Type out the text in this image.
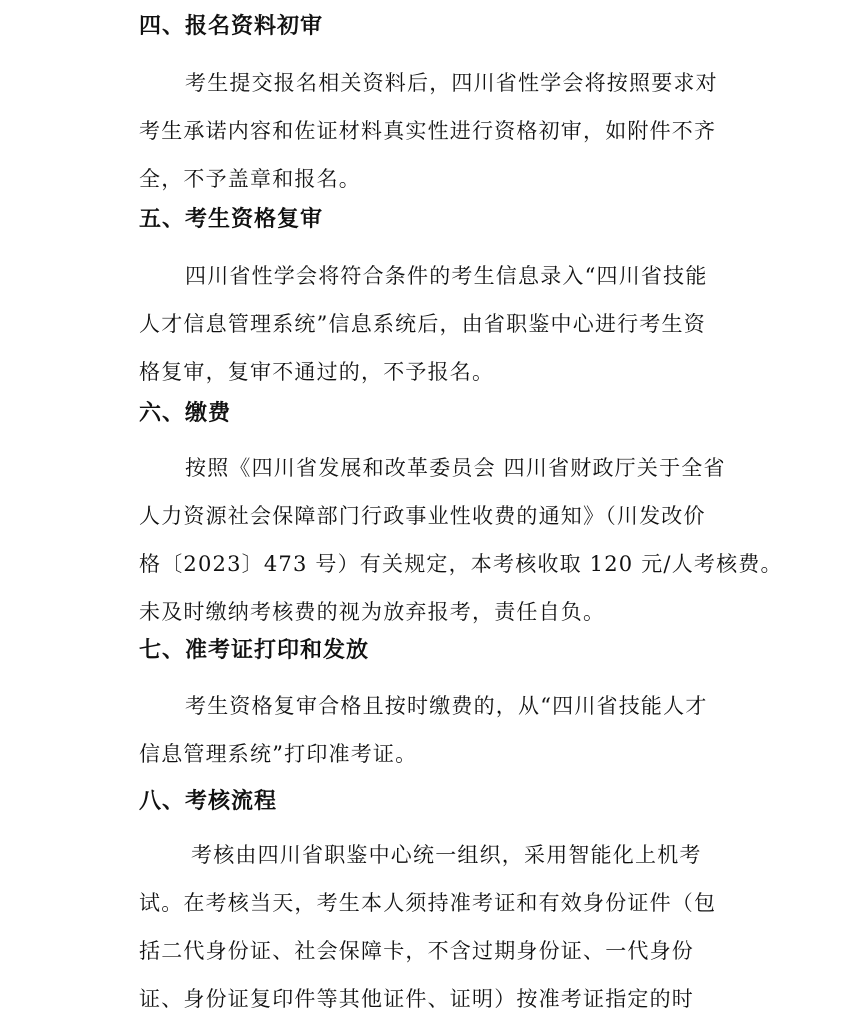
四、报名资料初审
考生提交报名相关资料后，四川省性学会将按照要求对
考生承诺内容和佐证材料真实性进行资格初审，如附件不齐
全，不予盖章和报名。
五、考生资格复审
四川省性学会将符合条件的考生信息录入“四川省技能
人才信息管理系统”信息系统后，由省职鉴中心进行考生资
格复审，复审不通过的，不予报名。
六、缴费
按照《四川省发展和改革委员会 四川省财政厅关于全省
人力资源社会保障部门行政事业性收费的通知》（川发改价
格〔2023〕473 号）有关规定，本考核收取 120 元/人考核费。
未及时缴纳考核费的视为放弃报考，责任自负。
七、准考证打印和发放
考生资格复审合格且按时缴费的，从“四川省技能人才
信息管理系统”打印准考证。
八、考核流程
考核由四川省职鉴中心统一组织，采用智能化上机考
试。在考核当天，考生本人须持准考证和有效身份证件（包
括二代身份证、社会保障卡，不含过期身份证、一代身份
证、身份证复印件等其他证件、证明）按准考证指定的时
